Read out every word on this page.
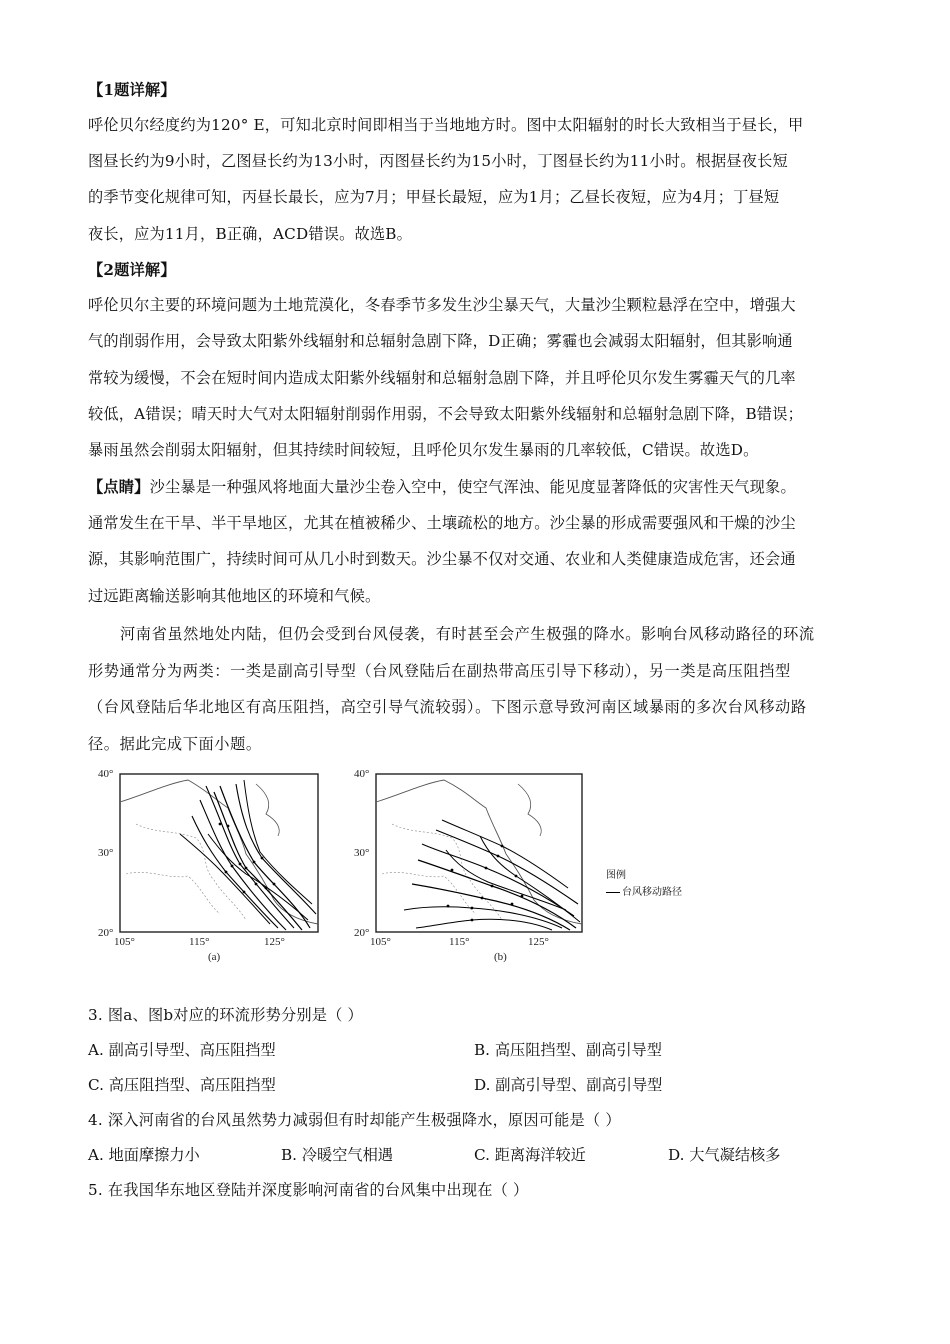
【1题详解】
呼伦贝尔经度约为120° E，可知北京时间即相当于当地地方时。图中太阳辐射的时长大致相当于昼长，甲
图昼长约为9小时，乙图昼长约为13小时，丙图昼长约为15小时，丁图昼长约为11小时。根据昼夜长短
的季节变化规律可知，丙昼长最长，应为7月；甲昼长最短，应为1月；乙昼长夜短，应为4月；丁昼短
夜长，应为11月，B正确，ACD错误。故选B。
【2题详解】
呼伦贝尔主要的环境问题为土地荒漠化，冬春季节多发生沙尘暴天气，大量沙尘颗粒悬浮在空中，增强大
气的削弱作用，会导致太阳紫外线辐射和总辐射急剧下降，D正确；雾霾也会减弱太阳辐射，但其影响通
常较为缓慢，不会在短时间内造成太阳紫外线辐射和总辐射急剧下降，并且呼伦贝尔发生雾霾天气的几率
较低，A错误；晴天时大气对太阳辐射削弱作用弱，不会导致太阳紫外线辐射和总辐射急剧下降，B错误；
暴雨虽然会削弱太阳辐射，但其持续时间较短，且呼伦贝尔发生暴雨的几率较低，C错误。故选D。
【点睛】沙尘暴是一种强风将地面大量沙尘卷入空中，使空气浑浊、能见度显著降低的灾害性天气现象。
通常发生在干旱、半干旱地区，尤其在植被稀少、土壤疏松的地方。沙尘暴的形成需要强风和干燥的沙尘
源，其影响范围广，持续时间可从几小时到数天。沙尘暴不仅对交通、农业和人类健康造成危害，还会通
过远距离输送影响其他地区的环境和气候。
河南省虽然地处内陆，但仍会受到台风侵袭，有时甚至会产生极强的降水。影响台风移动路径的环流
形势通常分为两类：一类是副高引导型（台风登陆后在副热带高压引导下移动），另一类是高压阻挡型
（台风登陆后华北地区有高压阻挡，高空引导气流较弱）。下图示意导致河南区域暴雨的多次台风移动路
径。据此完成下面小题。
40°
30°
20°
105°	115°	125°
(a)
40°
30°
20°
105°	115°	125°
(b)
图例
台风移动路径
3. 图a、图b对应的环流形势分别是（ ）
A. 副高引导型、高压阻挡型	B. 高压阻挡型、副高引导型
C. 高压阻挡型、高压阻挡型	D. 副高引导型、副高引导型
4. 深入河南省的台风虽然势力减弱但有时却能产生极强降水，原因可能是（ ）
A. 地面摩擦力小	B. 冷暖空气相遇	C. 距离海洋较近	D. 大气凝结核多
5. 在我国华东地区登陆并深度影响河南省的台风集中出现在（ ）
